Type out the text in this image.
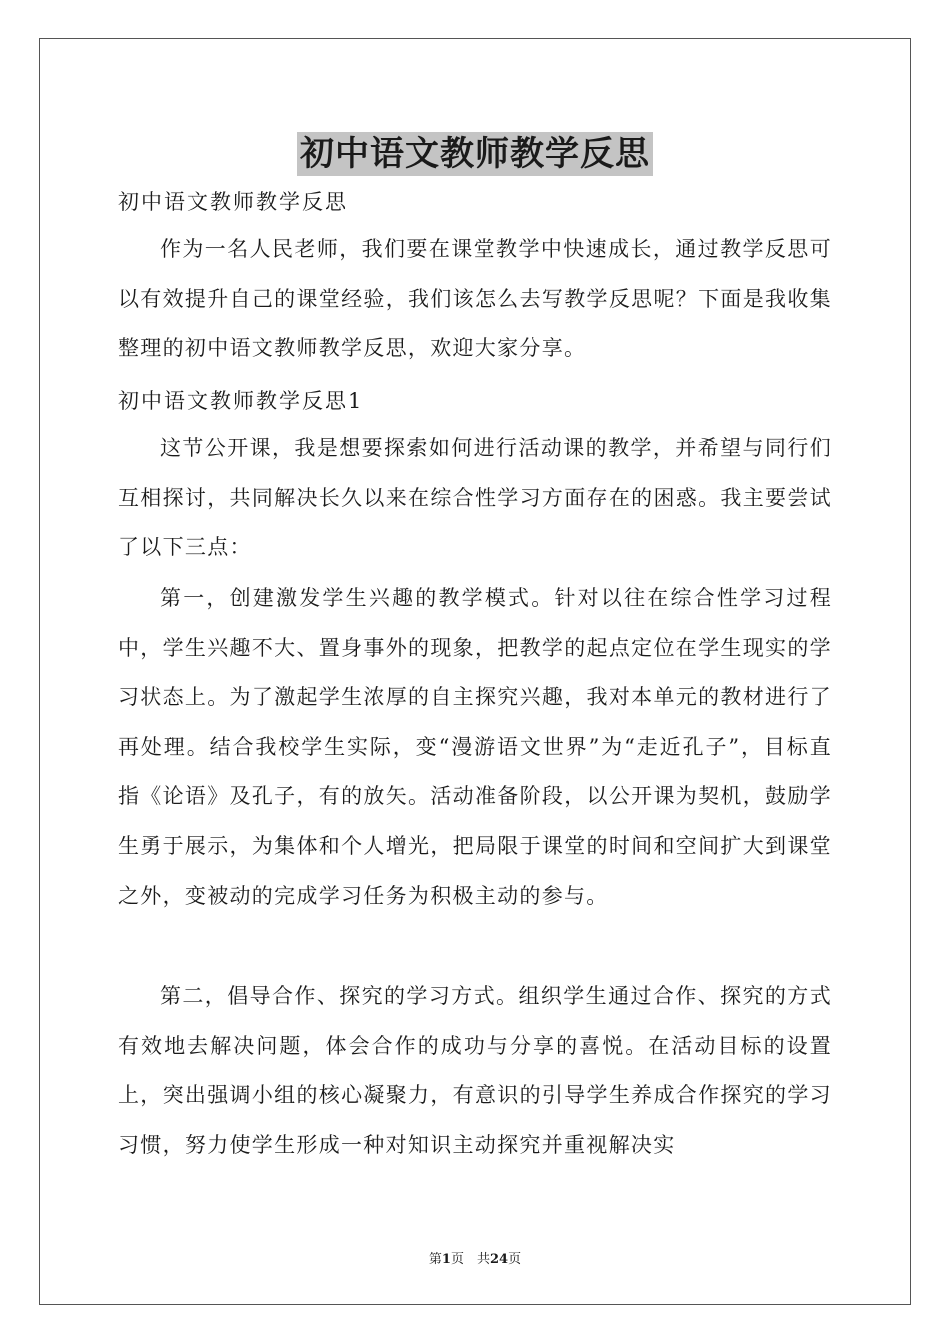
初中语文教师教学反思
初中语文教师教学反思
作为一名人民老师，我们要在课堂教学中快速成长，通过教学反思可以有效提升自己的课堂经验，我们该怎么去写教学反思呢？下面是我收集整理的初中语文教师教学反思，欢迎大家分享。
初中语文教师教学反思1
这节公开课，我是想要探索如何进行活动课的教学，并希望与同行们互相探讨，共同解决长久以来在综合性学习方面存在的困惑。我主要尝试了以下三点：
第一，创建激发学生兴趣的教学模式。针对以往在综合性学习过程中，学生兴趣不大、置身事外的现象，把教学的起点定位在学生现实的学习状态上。为了激起学生浓厚的自主探究兴趣，我对本单元的教材进行了再处理。结合我校学生实际，变“漫游语文世界”为“走近孔子”，目标直指《论语》及孔子，有的放矢。活动准备阶段，以公开课为契机，鼓励学生勇于展示，为集体和个人增光，把局限于课堂的时间和空间扩大到课堂之外，变被动的完成学习任务为积极主动的参与。
第二，倡导合作、探究的学习方式。组织学生通过合作、探究的方式有效地去解决问题，体会合作的成功与分享的喜悦。在活动目标的设置上，突出强调小组的核心凝聚力，有意识的引导学生养成合作探究的学习习惯，努力使学生形成一种对知识主动探究并重视解决实
第1页　共24页
